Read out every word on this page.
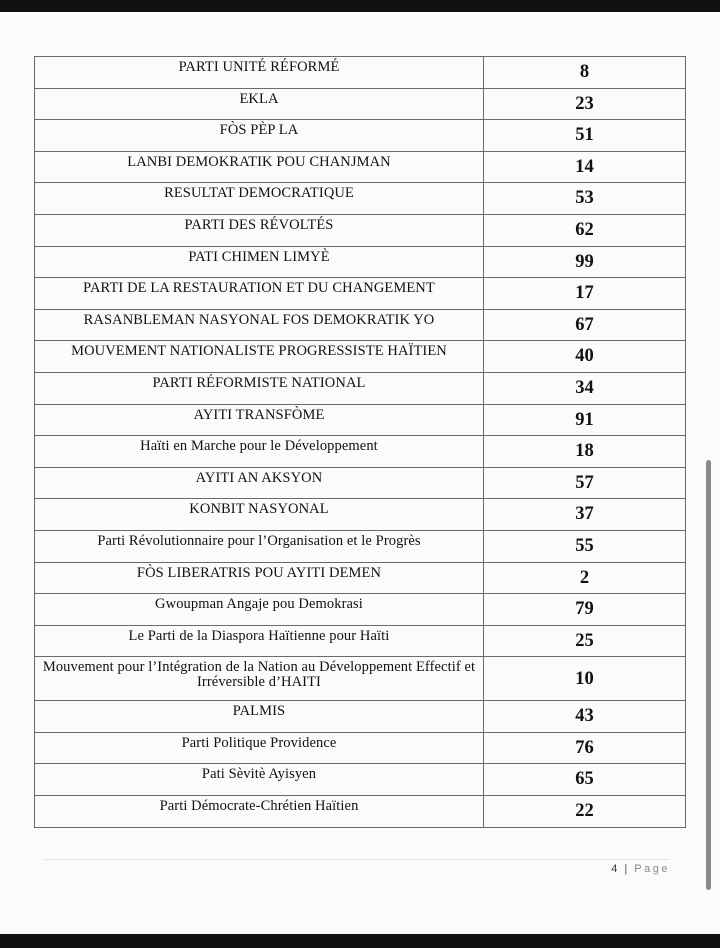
PARTI UNITÉ RÉFORMÉ	8
EKLA	23
FÒS PÈP LA	51
LANBI DEMOKRATIK POU CHANJMAN	14
RESULTAT DEMOCRATIQUE	53
PARTI DES RÉVOLTÉS	62
PATI CHIMEN LIMYÈ	99
PARTI DE LA RESTAURATION ET DU CHANGEMENT	17
RASANBLEMAN NASYONAL FOS DEMOKRATIK YO	67
MOUVEMENT NATIONALISTE PROGRESSISTE HAÏTIEN	40
PARTI RÉFORMISTE NATIONAL	34
AYITI TRANSFÒME	91
Haïti en Marche pour le Développement	18
AYITI AN AKSYON	57
KONBIT NASYONAL	37
Parti Révolutionnaire pour l’Organisation et le Progrès	55
FÒS LIBERATRIS POU AYITI DEMEN	2
Gwoupman Angaje pou Demokrasi	79
Le Parti de la Diaspora Haïtienne pour Haïti	25
Mouvement pour l’Intégration de la Nation au Développement Effectif et Irréversible d’HAITI	10
PALMIS	43
Parti Politique Providence	76
Pati Sèvitè Ayisyen	65
Parti Démocrate-Chrétien Haïtien	22
4 | Page
